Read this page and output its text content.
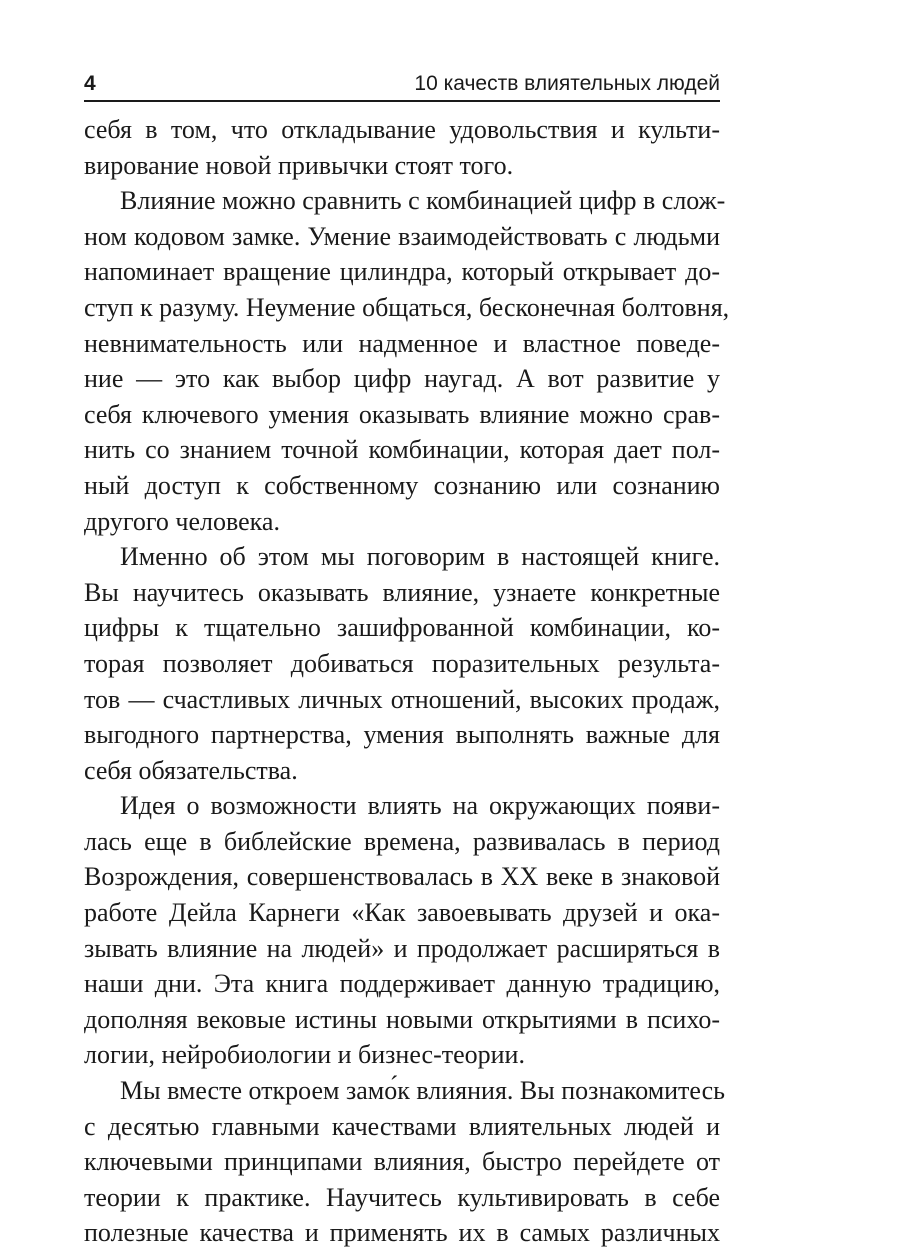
4	10 качеств влиятельных людей
себя в том, что откладывание удовольствия и культи-
вирование новой привычки стоят того.
Влияние можно сравнить с комбинацией цифр в слож-
ном кодовом замке. Умение взаимодействовать с людьми
напоминает вращение цилиндра, который открывает до-
ступ к разуму. Неумение общаться, бесконечная болтовня,
невнимательность или надменное и властное поведе-
ние — это как выбор цифр наугад. А вот развитие у
себя ключевого умения оказывать влияние можно срав-
нить со знанием точной комбинации, которая дает пол-
ный доступ к собственному сознанию или сознанию
другого человека.
Именно об этом мы поговорим в настоящей книге.
Вы научитесь оказывать влияние, узнаете конкретные
цифры к тщательно зашифрованной комбинации, ко-
торая позволяет добиваться поразительных результа-
тов — счастливых личных отношений, высоких продаж,
выгодного партнерства, умения выполнять важные для
себя обязательства.
Идея о возможности влиять на окружающих появи-
лась еще в библейские времена, развивалась в период
Возрождения, совершенствовалась в XX веке в знаковой
работе Дейла Карнеги «Как завоевывать друзей и ока-
зывать влияние на людей» и продолжает расширяться в
наши дни. Эта книга поддерживает данную традицию,
дополняя вековые истины новыми открытиями в психо-
логии, нейробиологии и бизнес-теории.
Мы вместе откроем замо́к влияния. Вы познакомитесь
с десятью главными качествами влиятельных людей и
ключевыми принципами влияния, быстро перейдете от
теории к практике. Научитесь культивировать в себе
полезные качества и применять их в самых различных
